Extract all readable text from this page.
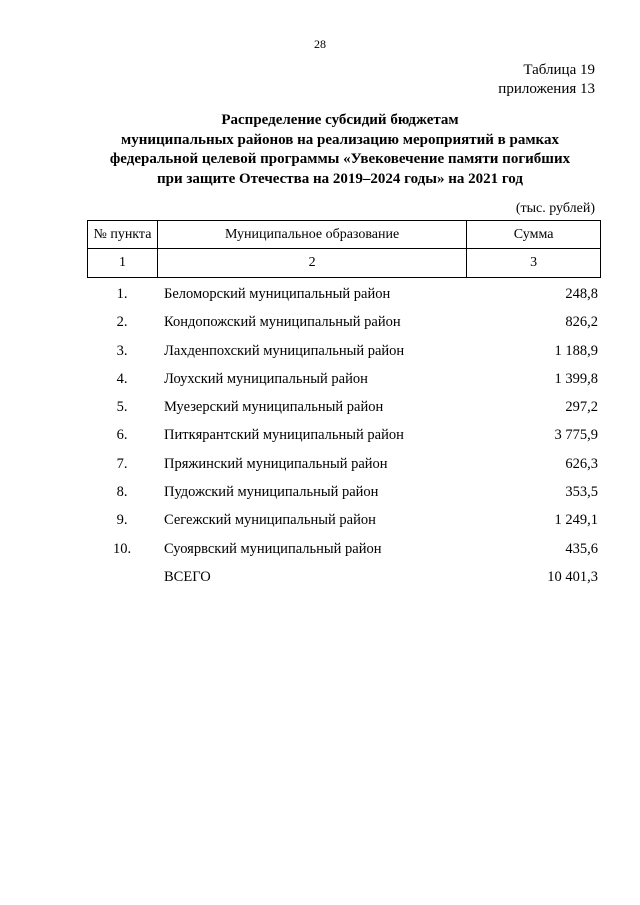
28
Таблица 19
приложения 13
Распределение субсидий бюджетам
муниципальных районов на реализацию мероприятий в рамках
федеральной целевой программы «Увековечение памяти погибших
при защите Отечества на 2019–2024 годы» на 2021 год
(тыс. рублей)
№ пункта	Муниципальное образование	Сумма
1	2	3
1.	Беломорский муниципальный район	248,8
2.	Кондопожский муниципальный район	826,2
3.	Лахденпохский муниципальный район	1 188,9
4.	Лоухский муниципальный район	1 399,8
5.	Муезерский муниципальный район	297,2
6.	Питкярантский муниципальный район	3 775,9
7.	Пряжинский муниципальный район	626,3
8.	Пудожский муниципальный район	353,5
9.	Сегежский муниципальный район	1 249,1
10.	Суоярвский муниципальный район	435,6
ВСЕГО	10 401,3
